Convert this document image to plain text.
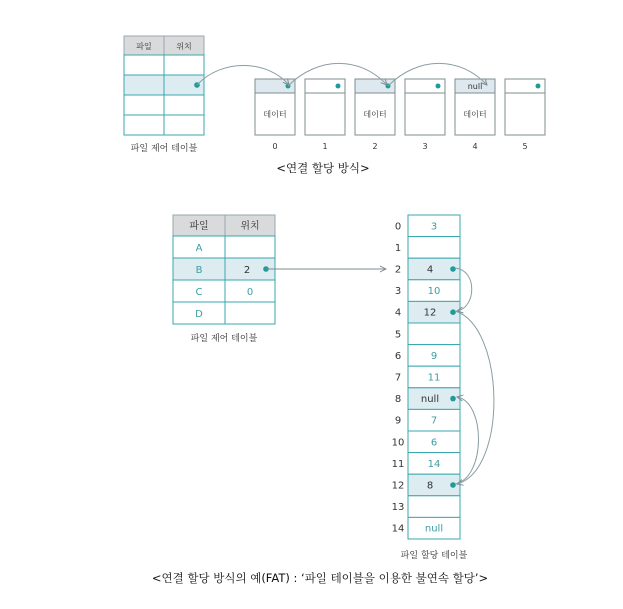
파일	위치
파일 제어 테이블
데이터
0	1
데이터
2	3
null
데이터
4	5
<연결 할당 방식>
파일	위치
A
B	2
C	0
D
파일 제어 테이블
0	3
1
2	4
3	10
4 12
5
6	9
7	11
8 null
9	7
10	6
11 14
12 8
13
14 null
파일 할당 테이블
<연결 할당 방식의 예(FAT) : ‘파일 테이블을 이용한 불연속 할당’>
